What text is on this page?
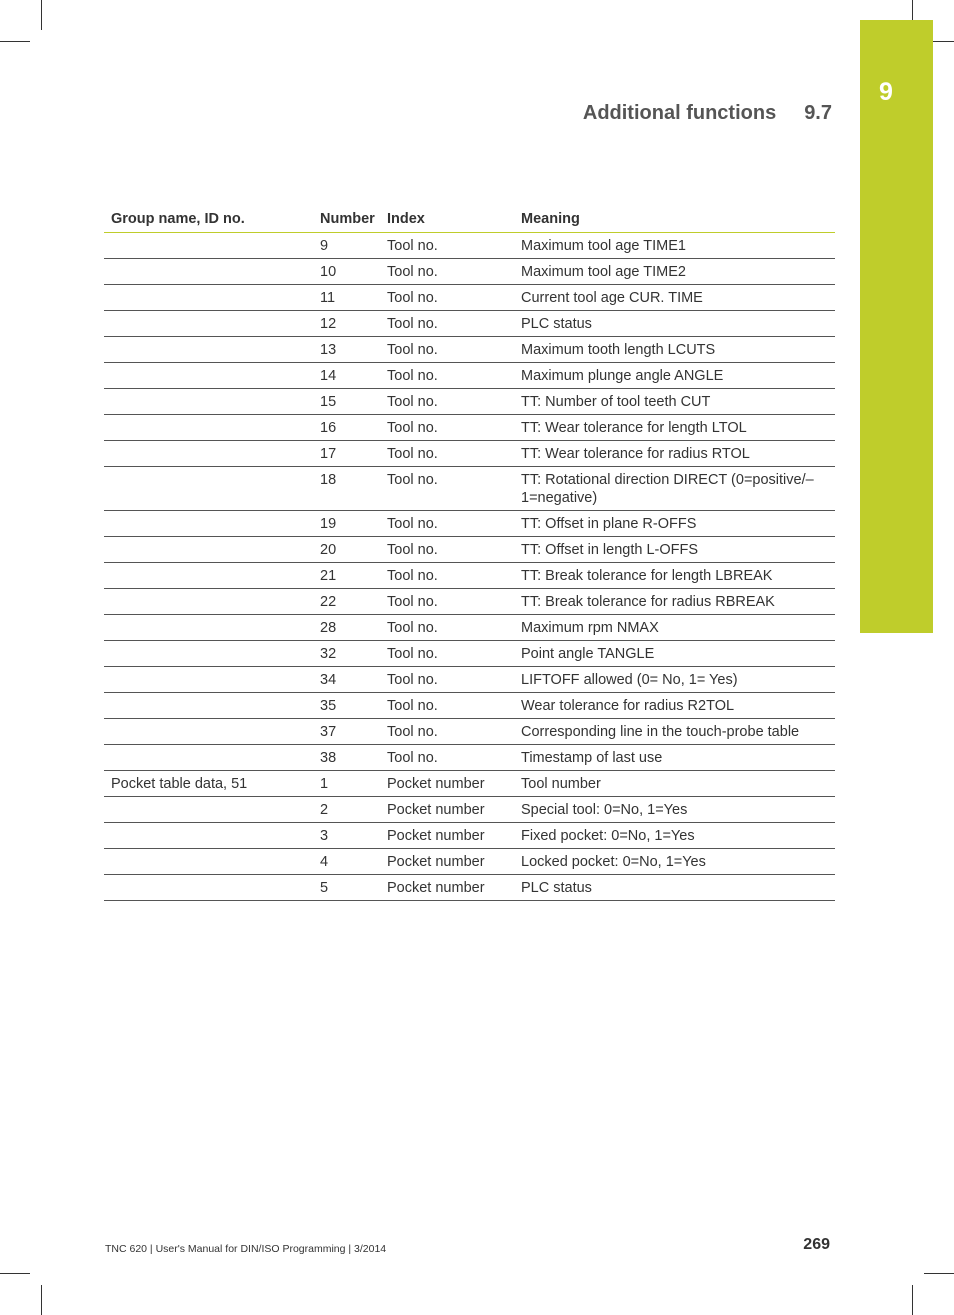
9
Additional functions 9.7
Group name, ID no.	Number	Index	Meaning
	9	Tool no.	Maximum tool age TIME1
	10	Tool no.	Maximum tool age TIME2
	11	Tool no.	Current tool age CUR. TIME
	12	Tool no.	PLC status
	13	Tool no.	Maximum tooth length LCUTS
	14	Tool no.	Maximum plunge angle ANGLE
	15	Tool no.	TT: Number of tool teeth CUT
	16	Tool no.	TT: Wear tolerance for length LTOL
	17	Tool no.	TT: Wear tolerance for radius RTOL
	18	Tool no.	TT: Rotational direction DIRECT (0=positive/–1=negative)
	19	Tool no.	TT: Offset in plane R-OFFS
	20	Tool no.	TT: Offset in length L-OFFS
	21	Tool no.	TT: Break tolerance for length LBREAK
	22	Tool no.	TT: Break tolerance for radius RBREAK
	28	Tool no.	Maximum rpm NMAX
	32	Tool no.	Point angle TANGLE
	34	Tool no.	LIFTOFF allowed (0= No, 1= Yes)
	35	Tool no.	Wear tolerance for radius R2TOL
	37	Tool no.	Corresponding line in the touch-probe table
	38	Tool no.	Timestamp of last use
Pocket table data, 51	1	Pocket number	Tool number
	2	Pocket number	Special tool: 0=No, 1=Yes
	3	Pocket number	Fixed pocket: 0=No, 1=Yes
	4	Pocket number	Locked pocket: 0=No, 1=Yes
	5	Pocket number	PLC status
TNC 620 | User's Manual for DIN/ISO Programming | 3/2014	269
